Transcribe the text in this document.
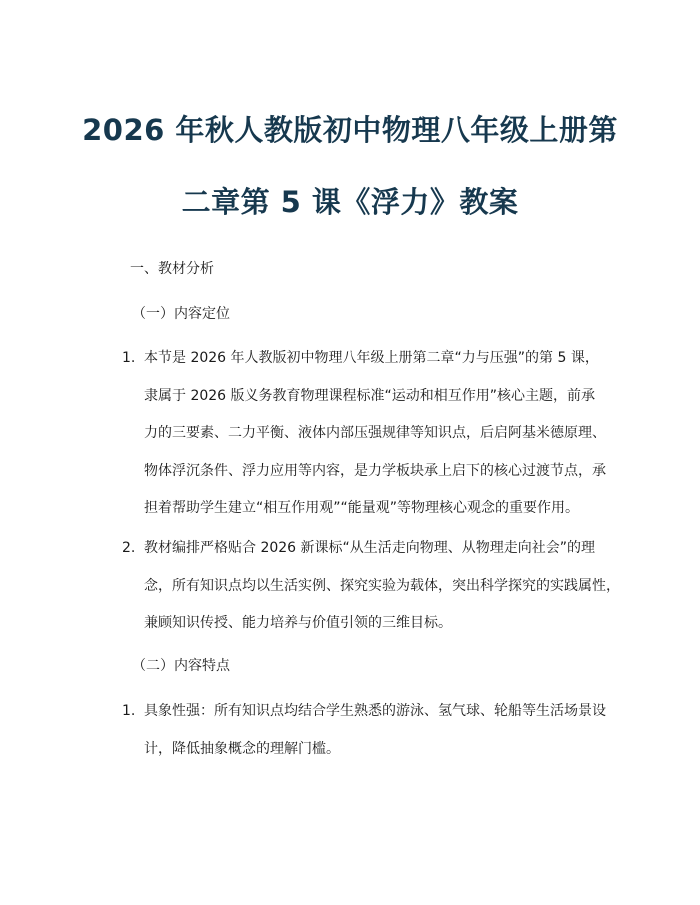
2026 年秋人教版初中物理八年级上册第
二章第 5 课《浮力》教案
一、教材分析
（一）内容定位
1. 本节是 2026 年人教版初中物理八年级上册第二章“力与压强”的第 5 课，
隶属于 2026 版义务教育物理课程标准“运动和相互作用”核心主题，前承
力的三要素、二力平衡、液体内部压强规律等知识点，后启阿基米德原理、
物体浮沉条件、浮力应用等内容，是力学板块承上启下的核心过渡节点，承
担着帮助学生建立“相互作用观”“能量观”等物理核心观念的重要作用。
2. 教材编排严格贴合 2026 新课标“从生活走向物理、从物理走向社会”的理
念，所有知识点均以生活实例、探究实验为载体，突出科学探究的实践属性，
兼顾知识传授、能力培养与价值引领的三维目标。
（二）内容特点
1. 具象性强：所有知识点均结合学生熟悉的游泳、氢气球、轮船等生活场景设
计，降低抽象概念的理解门槛。
